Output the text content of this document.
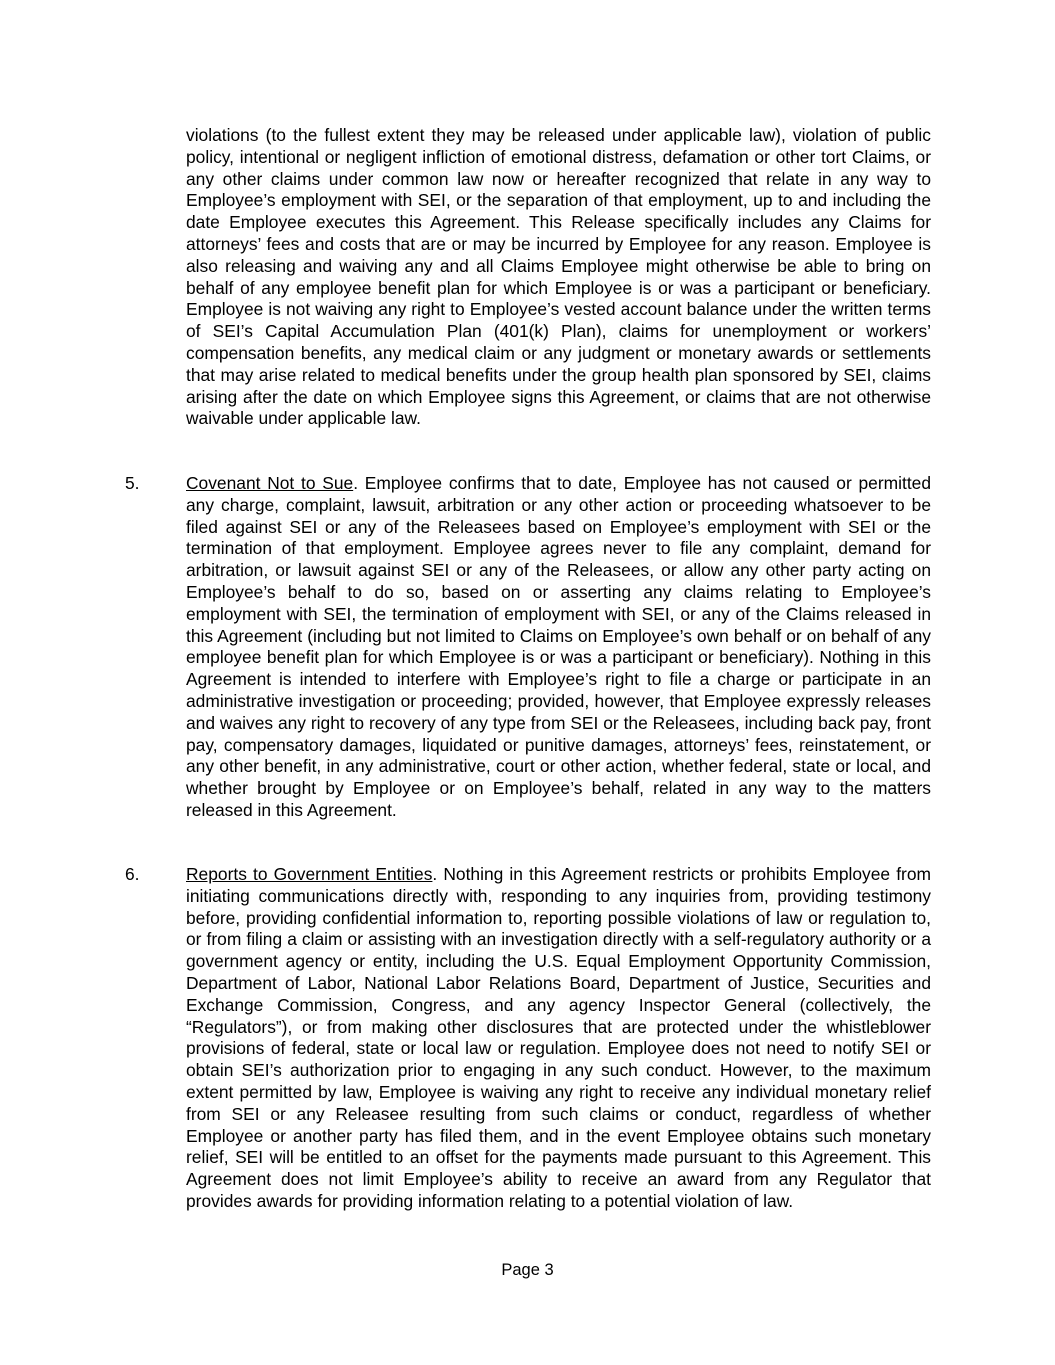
violations (to the fullest extent they may be released under applicable law), violation of public policy, intentional or negligent infliction of emotional distress, defamation or other tort Claims, or any other claims under common law now or hereafter recognized that relate in any way to Employee’s employment with SEI, or the separation of that employment, up to and including the date Employee executes this Agreement. This Release specifically includes any Claims for attorneys’ fees and costs that are or may be incurred by Employee for any reason. Employee is also releasing and waiving any and all Claims Employee might otherwise be able to bring on behalf of any employee benefit plan for which Employee is or was a participant or beneficiary. Employee is not waiving any right to Employee’s vested account balance under the written terms of SEI’s Capital Accumulation Plan (401(k) Plan), claims for unemployment or workers’ compensation benefits, any medical claim or any judgment or monetary awards or settlements that may arise related to medical benefits under the group health plan sponsored by SEI, claims arising after the date on which Employee signs this Agreement, or claims that are not otherwise waivable under applicable law.

5.	Covenant Not to Sue. Employee confirms that to date, Employee has not caused or permitted any charge, complaint, lawsuit, arbitration or any other action or proceeding whatsoever to be filed against SEI or any of the Releasees based on Employee’s employment with SEI or the termination of that employment. Employee agrees never to file any complaint, demand for arbitration, or lawsuit against SEI or any of the Releasees, or allow any other party acting on Employee’s behalf to do so, based on or asserting any claims relating to Employee’s employment with SEI, the termination of employment with SEI, or any of the Claims released in this Agreement (including but not limited to Claims on Employee’s own behalf or on behalf of any employee benefit plan for which Employee is or was a participant or beneficiary). Nothing in this Agreement is intended to interfere with Employee’s right to file a charge or participate in an administrative investigation or proceeding; provided, however, that Employee expressly releases and waives any right to recovery of any type from SEI or the Releasees, including back pay, front pay, compensatory damages, liquidated or punitive damages, attorneys’ fees, reinstatement, or any other benefit, in any administrative, court or other action, whether federal, state or local, and whether brought by Employee or on Employee’s behalf, related in any way to the matters released in this Agreement.

6.	Reports to Government Entities. Nothing in this Agreement restricts or prohibits Employee from initiating communications directly with, responding to any inquiries from, providing testimony before, providing confidential information to, reporting possible violations of law or regulation to, or from filing a claim or assisting with an investigation directly with a self-regulatory authority or a government agency or entity, including the U.S. Equal Employment Opportunity Commission, Department of Labor, National Labor Relations Board, Department of Justice, Securities and Exchange Commission, Congress, and any agency Inspector General (collectively, the “Regulators”), or from making other disclosures that are protected under the whistleblower provisions of federal, state or local law or regulation. Employee does not need to notify SEI or obtain SEI’s authorization prior to engaging in any such conduct. However, to the maximum extent permitted by law, Employee is waiving any right to receive any individual monetary relief from SEI or any Releasee resulting from such claims or conduct, regardless of whether Employee or another party has filed them, and in the event Employee obtains such monetary relief, SEI will be entitled to an offset for the payments made pursuant to this Agreement. This Agreement does not limit Employee’s ability to receive an award from any Regulator that provides awards for providing information relating to a potential violation of law.

Page 3
